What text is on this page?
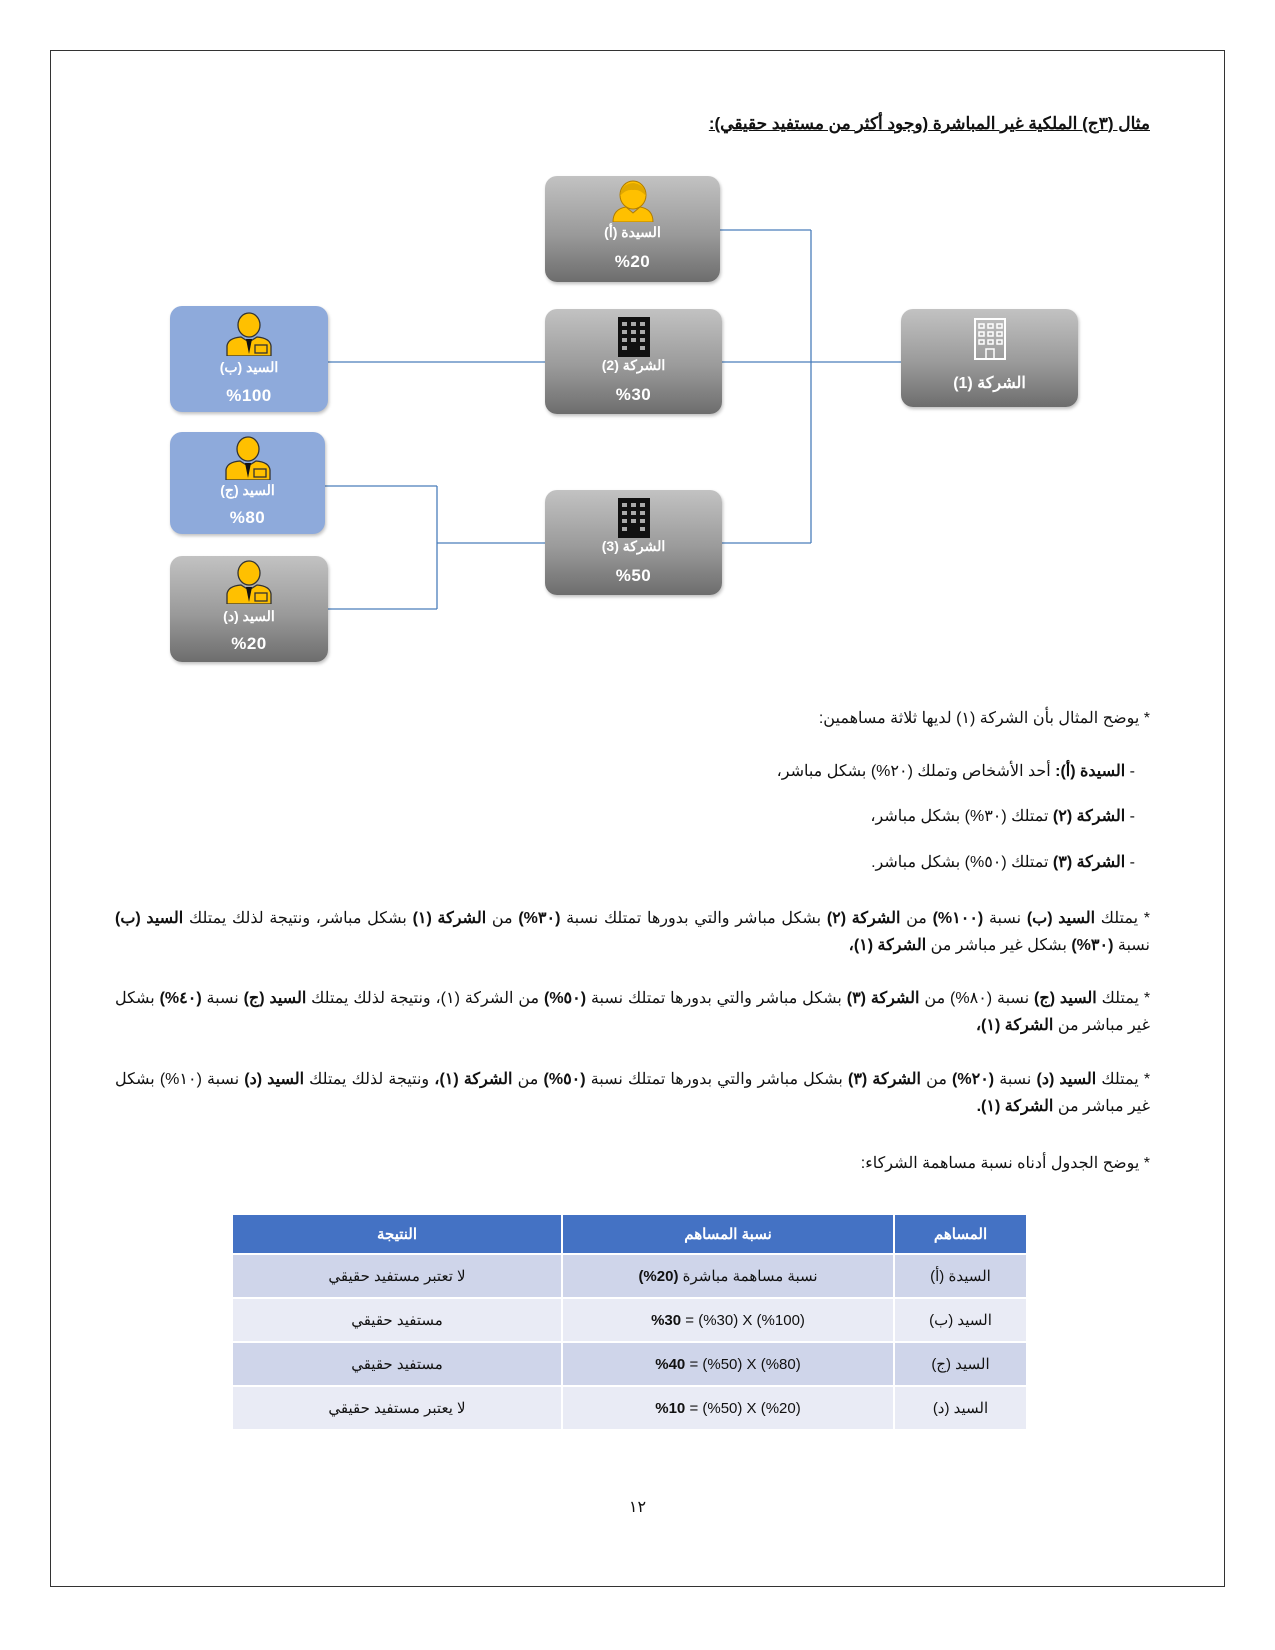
مثال (٣ج) الملكية غير المباشرة (وجود أكثر من مستفيد حقيقي):
السيدة (أ)
%20
الشركة (2)
%30
الشركة (1)
السيد (ب)
%100
السيد (ج)
%80
الشركة (3)
%50
السيد (د)
%20
* يوضح المثال بأن الشركة (١) لديها ثلاثة مساهمين:
- السيدة (أ): أحد الأشخاص وتملك (٢٠%) بشكل مباشر،
- الشركة (٢) تمتلك (٣٠%) بشكل مباشر،
- الشركة (٣) تمتلك (٥٠%) بشكل مباشر.
* يمتلك السيد (ب) نسبة (١٠٠%) من الشركة (٢) بشكل مباشر والتي بدورها تمتلك نسبة (٣٠%) من الشركة (١) بشكل مباشر، ونتيجة لذلك يمتلك السيد (ب) نسبة (٣٠%) بشكل غير مباشر من الشركة (١)،
* يمتلك السيد (ج) نسبة (٨٠%) من الشركة (٣) بشكل مباشر والتي بدورها تمتلك نسبة (٥٠%) من الشركة (١)، ونتيجة لذلك يمتلك السيد (ج) نسبة (٤٠%) بشكل غير مباشر من الشركة (١)،
* يمتلك السيد (د) نسبة (٢٠%) من الشركة (٣) بشكل مباشر والتي بدورها تمتلك نسبة (٥٠%) من الشركة (١)، ونتيجة لذلك يمتلك السيد (د) نسبة (١٠%) بشكل غير مباشر من الشركة (١).
* يوضح الجدول أدناه نسبة مساهمة الشركاء:
المساهم	نسبة المساهم	النتيجة
السيدة (أ)	نسبة مساهمة مباشرة (20%)	لا تعتبر مستفيد حقيقي
السيد (ب)	%30 = (%30) X (%100)	مستفيد حقيقي
السيد (ج)	%40 = (%50) X (%80)	مستفيد حقيقي
السيد (د)	%10 = (%50) X (%20)	لا يعتبر مستفيد حقيقي
١٢
